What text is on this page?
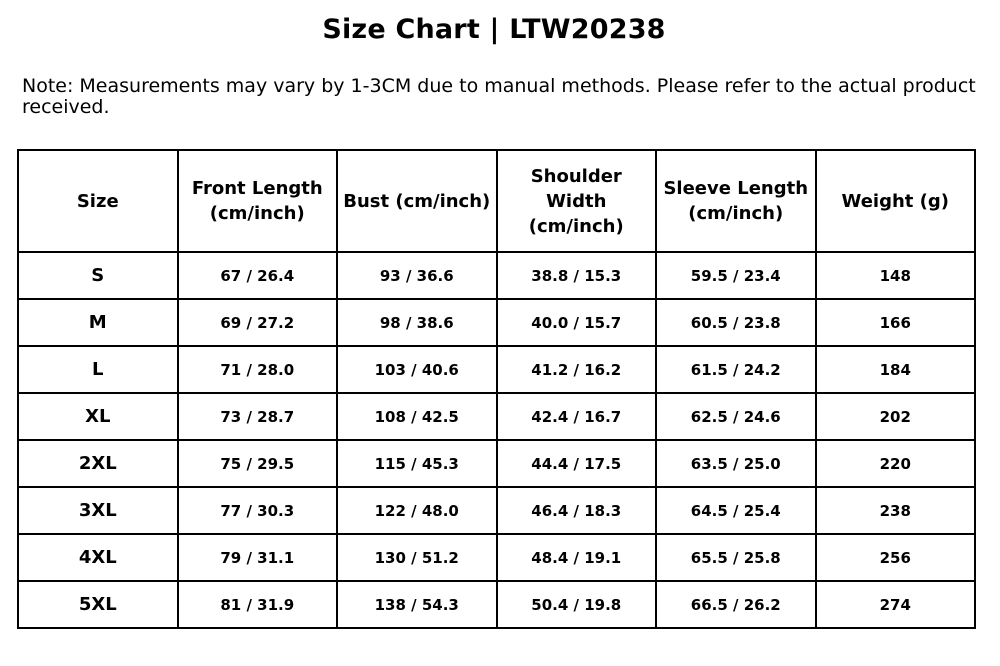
Size Chart | LTW20238
Note: Measurements may vary by 1-3CM due to manual methods. Please refer to the actual product received.
Size	Front Length (cm/inch)	Bust (cm/inch)	Shoulder Width (cm/inch)	Sleeve Length (cm/inch)	Weight (g)
S	67 / 26.4	93 / 36.6	38.8 / 15.3	59.5 / 23.4	148
M	69 / 27.2	98 / 38.6	40.0 / 15.7	60.5 / 23.8	166
L	71 / 28.0	103 / 40.6	41.2 / 16.2	61.5 / 24.2	184
XL	73 / 28.7	108 / 42.5	42.4 / 16.7	62.5 / 24.6	202
2XL	75 / 29.5	115 / 45.3	44.4 / 17.5	63.5 / 25.0	220
3XL	77 / 30.3	122 / 48.0	46.4 / 18.3	64.5 / 25.4	238
4XL	79 / 31.1	130 / 51.2	48.4 / 19.1	65.5 / 25.8	256
5XL	81 / 31.9	138 / 54.3	50.4 / 19.8	66.5 / 26.2	274
